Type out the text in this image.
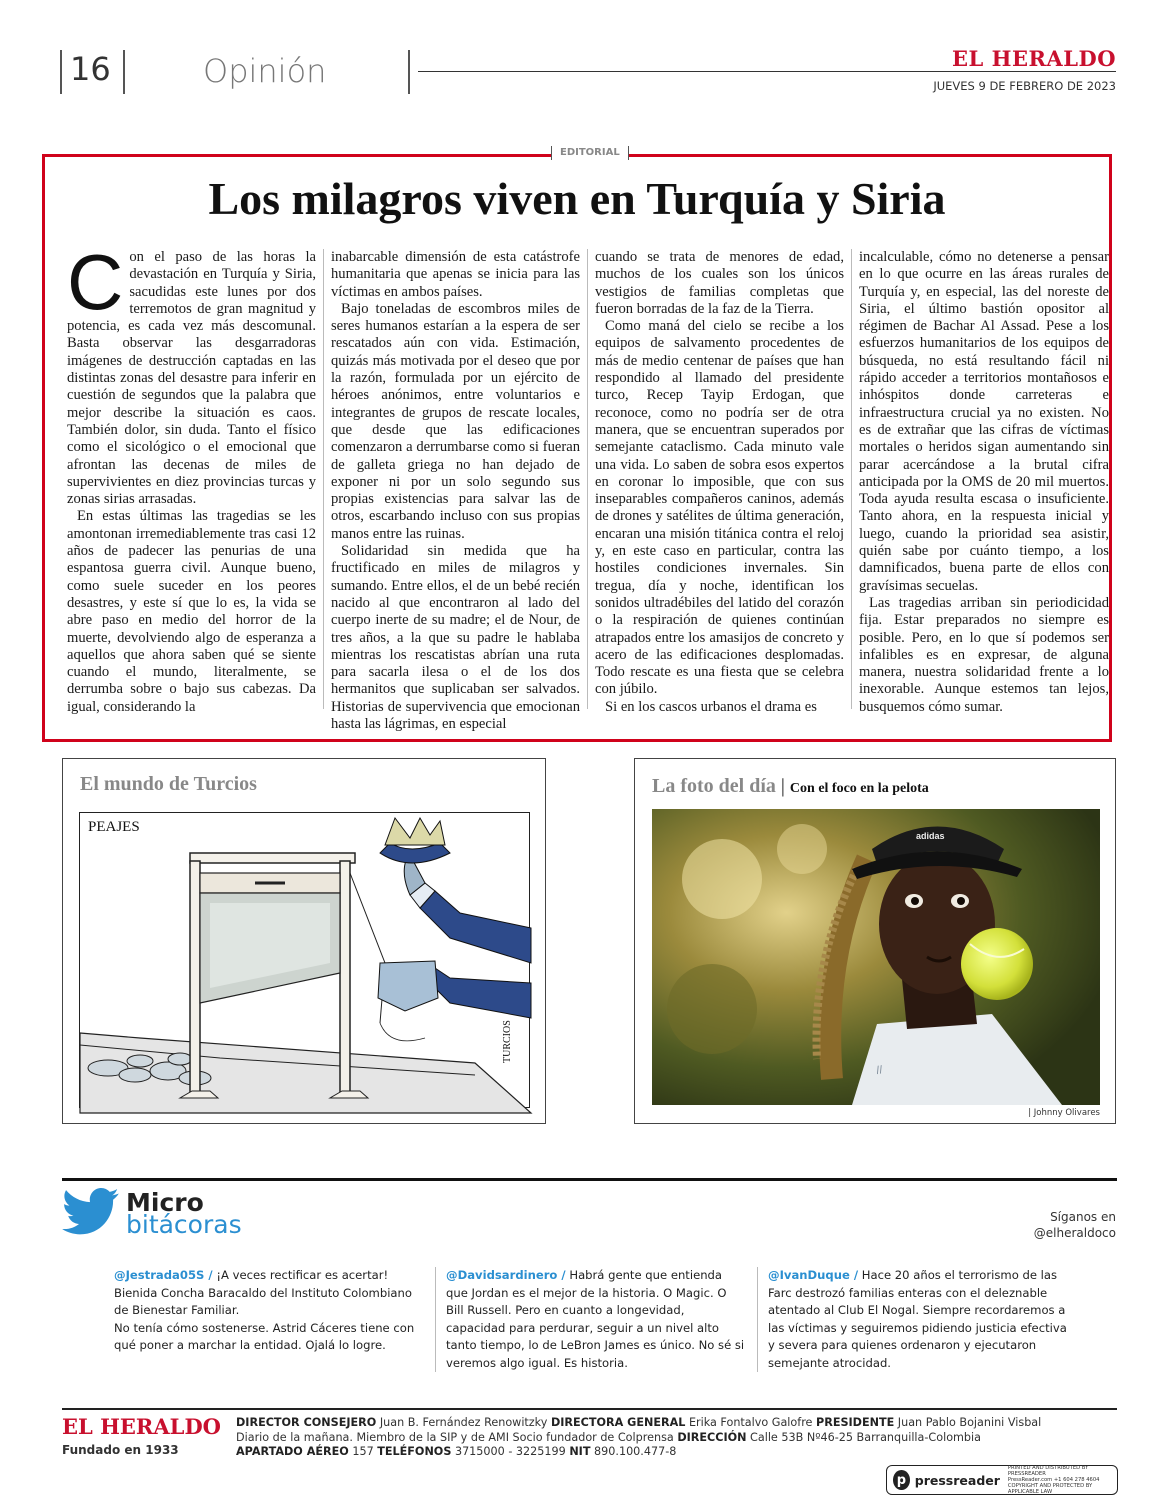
16	Opinión	EL HERALDO
JUEVES 9 DE FEBRERO DE 2023
EDITORIAL
Los milagros viven en Turquía y Siria

Con el paso de las horas la devastación en Turquía y Siria, sacudidas este lunes por dos terremotos de gran magnitud y potencia, es cada vez más descomunal. Basta observar las desgarradoras imágenes de destrucción captadas en las distintas zonas del desastre para inferir en cuestión de segundos que la palabra que mejor describe la situación es caos. También dolor, sin duda. Tanto el físico como el sicológico o el emocional que afrontan las decenas de miles de supervivientes en diez provincias turcas y zonas sirias arrasadas.

En estas últimas las tragedias se les amontonan irremediablemente tras casi 12 años de padecer las penurias de una espantosa guerra civil. Aunque bueno, como suele suceder en los peores desastres, y este sí que lo es, la vida se abre paso en medio del horror de la muerte, devolviendo algo de esperanza a aquellos que ahora saben qué se siente cuando el mundo, literalmente, se derrumba sobre o bajo sus cabezas. Da igual, considerando la

inabarcable dimensión de esta catástrofe humanitaria que apenas se inicia para las víctimas en ambos países.

Bajo toneladas de escombros miles de seres humanos estarían a la espera de ser rescatados aún con vida. Estimación, quizás más motivada por el deseo que por la razón, formulada por un ejército de héroes anónimos, entre voluntarios e integrantes de grupos de rescate locales, que desde que las edificaciones comenzaron a derrumbarse como si fueran de galleta griega no han dejado de exponer ni por un solo segundo sus propias existencias para salvar las de otros, escarbando incluso con sus propias manos entre las ruinas.

Solidaridad sin medida que ha fructificado en miles de milagros y sumando. Entre ellos, el de un bebé recién nacido al que encontraron al lado del cuerpo inerte de su madre; el de Nour, de tres años, a la que su padre le hablaba mientras los rescatistas abrían una ruta para sacarla ilesa o el de los dos hermanitos que suplicaban ser salvados. Historias de supervivencia que emocionan hasta las lágrimas, en especial

cuando se trata de menores de edad, muchos de los cuales son los únicos vestigios de familias completas que fueron borradas de la faz de la Tierra.

Como maná del cielo se recibe a los equipos de salvamento procedentes de más de medio centenar de países que han respondido al llamado del presidente turco, Recep Tayip Erdogan, que reconoce, como no podría ser de otra manera, que se encuentran superados por semejante cataclismo. Cada minuto vale una vida. Lo saben de sobra esos expertos en coronar lo imposible, que con sus inseparables compañeros caninos, además de drones y satélites de última generación, encaran una misión titánica contra el reloj y, en este caso en particular, contra las hostiles condiciones invernales. Sin tregua, día y noche, identifican los sonidos ultradébiles del latido del corazón o la respiración de quienes continúan atrapados entre los amasijos de concreto y acero de las edificaciones desplomadas. Todo rescate es una fiesta que se celebra con júbilo.

Si en los cascos urbanos el drama es

incalculable, cómo no detenerse a pensar en lo que ocurre en las áreas rurales de Turquía y, en especial, las del noreste de Siria, el último bastión opositor al régimen de Bachar Al Assad. Pese a los esfuerzos humanitarios de los equipos de búsqueda, no está resultando fácil ni rápido acceder a territorios montañosos e inhóspitos donde carreteras e infraestructura crucial ya no existen. No es de extrañar que las cifras de víctimas mortales o heridos sigan aumentando sin parar acercándose a la brutal cifra anticipada por la OMS de 20 mil muertos. Toda ayuda resulta escasa o insuficiente. Tanto ahora, en la respuesta inicial y luego, cuando la prioridad sea asistir, quién sabe por cuánto tiempo, a los damnificados, buena parte de ellos con gravísimas secuelas.

Las tragedias arriban sin periodicidad fija. Estar preparados no siempre es posible. Pero, en lo que sí podemos ser infalibles es en expresar, de alguna manera, nuestra solidaridad frente a lo inexorable. Aunque estemos tan lejos, busquemos cómo sumar.

El mundo de Turcios
PEAJES
TURCIOS
La foto del día | Con el foco en la pelota
//
adidas
| Johnny Olivares
Micro
bitácoras	Síganos en
@elheraldoco
@Jestrada05S / ¡A veces rectificar es acertar! Bienida Concha Baracaldo del Instituto Colombiano de Bienestar Familiar.
No tenía cómo sostenerse. Astrid Cáceres tiene con qué poner a marchar la entidad. Ojalá lo logre.
@Davidsardinero / Habrá gente que entienda que Jordan es el mejor de la historia. O Magic. O Bill Russell. Pero en cuanto a longevidad, capacidad para perdurar, seguir a un nivel alto tanto tiempo, lo de LeBron James es único. No sé si veremos algo igual. Es historia.
@IvanDuque / Hace 20 años el terrorismo de las Farc destrozó familias enteras con el deleznable atentado al Club El Nogal. Siempre recordaremos a las víctimas y seguiremos pidiendo justicia efectiva y severa para quienes ordenaron y ejecutaron semejante atrocidad.
EL HERALDO
Fundado en 1933
DIRECTOR CONSEJERO Juan B. Fernández Renowitzky DIRECTORA GENERAL Erika Fontalvo Galofre PRESIDENTE Juan Pablo Bojanini Visbal
Diario de la mañana. Miembro de la SIP y de AMI Socio fundador de Colprensa DIRECCIÓN Calle 53B Nº46-25 Barranquilla-Colombia
APARTADO AÉREO 157 TELÉFONOS 3715000 - 3225199 NIT 890.100.477-8
p pressreader
PRINTED AND DISTRIBUTED BY PRESSREADER
PressReader.com +1 604 278 4604
COPYRIGHT AND PROTECTED BY APPLICABLE LAW
